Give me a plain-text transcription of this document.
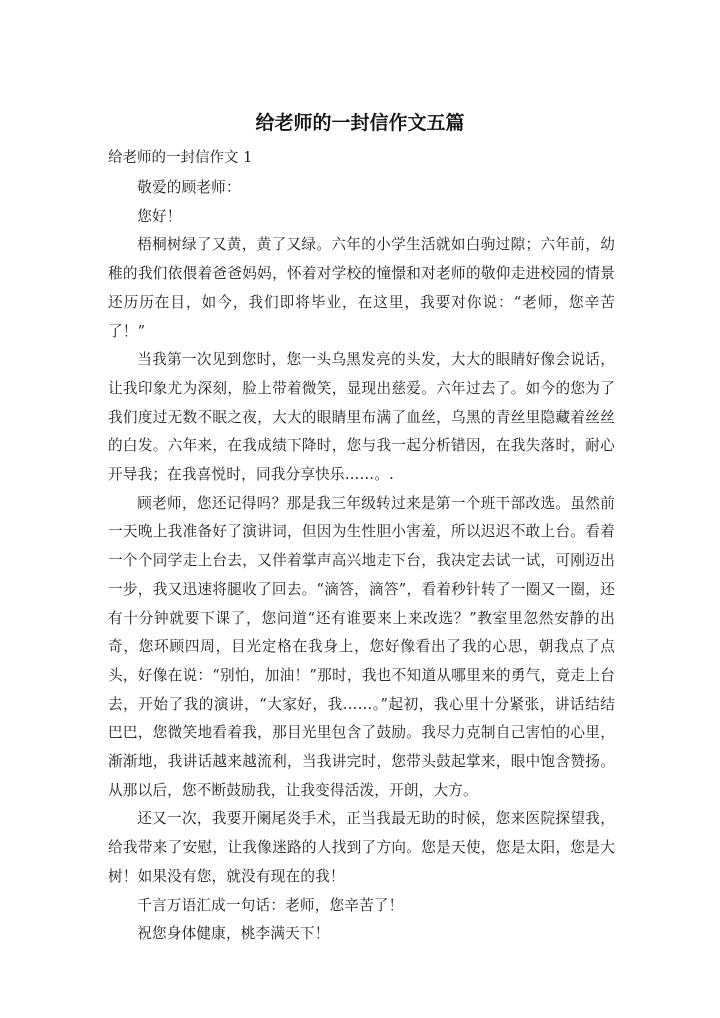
给老师的一封信作文五篇
给老师的一封信作文 1

敬爱的顾老师：

您好！

梧桐树绿了又黄，黄了又绿。六年的小学生活就如白驹过隙；六年前，幼稚的我们依偎着爸爸妈妈，怀着对学校的憧憬和对老师的敬仰走进校园的情景还历历在目，如今，我们即将毕业，在这里，我要对你说：“老师，您辛苦了！”

当我第一次见到您时，您一头乌黑发亮的头发，大大的眼睛好像会说话，让我印象尤为深刻，脸上带着微笑，显现出慈爱。六年过去了。如今的您为了我们度过无数不眠之夜，大大的眼睛里布满了血丝，乌黑的青丝里隐藏着丝丝的白发。六年来，在我成绩下降时，您与我一起分析错因，在我失落时，耐心开导我；在我喜悦时，同我分享快乐……。.

顾老师，您还记得吗？那是我三年级转过来是第一个班干部改选。虽然前一天晚上我准备好了演讲词，但因为生性胆小害羞，所以迟迟不敢上台。看着一个个同学走上台去，又伴着掌声高兴地走下台，我决定去试一试，可刚迈出一步，我又迅速将腿收了回去。“滴答，滴答”，看着秒针转了一圈又一圈，还有十分钟就要下课了，您问道“还有谁要来上来改选？”教室里忽然安静的出奇，您环顾四周，目光定格在我身上，您好像看出了我的心思，朝我点了点头，好像在说：“别怕，加油！”那时，我也不知道从哪里来的勇气，竟走上台去，开始了我的演讲，“大家好，我……。”起初，我心里十分紧张，讲话结结巴巴，您微笑地看着我，那目光里包含了鼓励。我尽力克制自己害怕的心里，渐渐地，我讲话越来越流利，当我讲完时，您带头鼓起掌来，眼中饱含赞扬。从那以后，您不断鼓励我，让我变得活泼，开朗，大方。

还又一次，我要开阑尾炎手术，正当我最无助的时候，您来医院探望我，给我带来了安慰，让我像迷路的人找到了方向。您是天使，您是太阳，您是大树！如果没有您，就没有现在的我！

千言万语汇成一句话：老师，您辛苦了！

祝您身体健康，桃李满天下！
